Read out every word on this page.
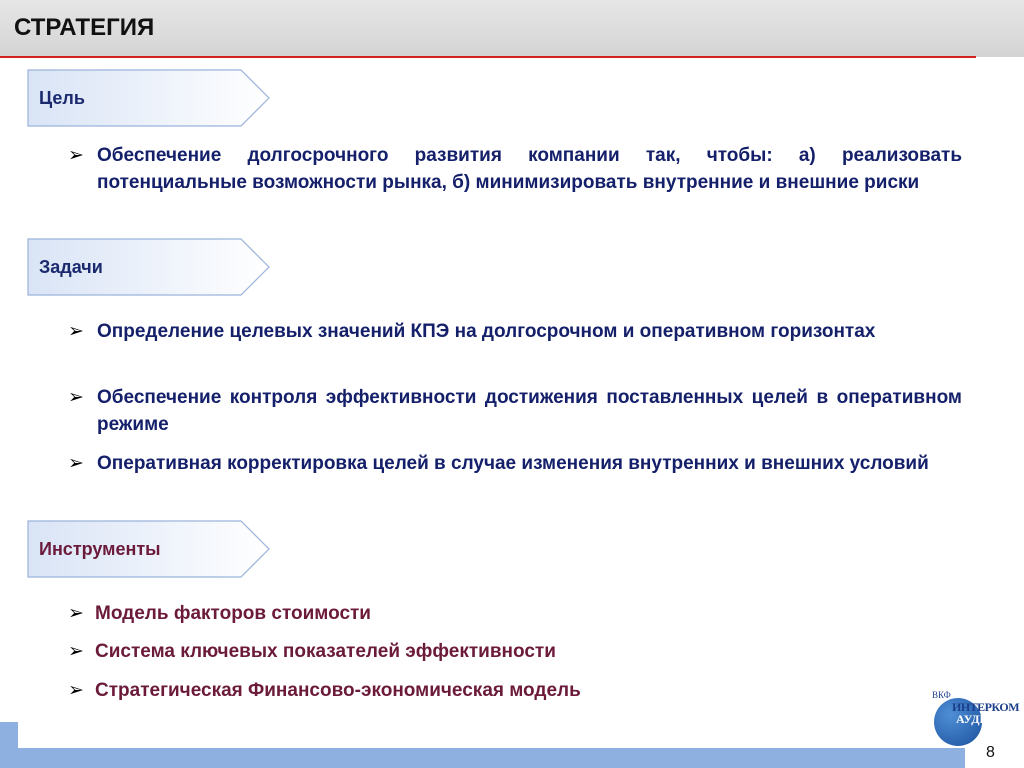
СТРАТЕГИЯ
Цель
➢ Обеспечение долгосрочного развития компании так, чтобы: а) реализовать потенциальные возможности рынка, б) минимизировать внутренние и внешние риски
Задачи
➢ Определение целевых значений КПЭ на долгосрочном и оперативном горизонтах
➢ Обеспечение контроля эффективности достижения поставленных целей в оперативном режиме
➢ Оперативная корректировка целей в случае изменения внутренних и внешних условий
Инструменты
➢ Модель факторов стоимости
➢ Система ключевых показателей эффективности
➢ Стратегическая Финансово-экономическая модель	ВКФ
ИНТЕРКОМ
АУДИТ
8
